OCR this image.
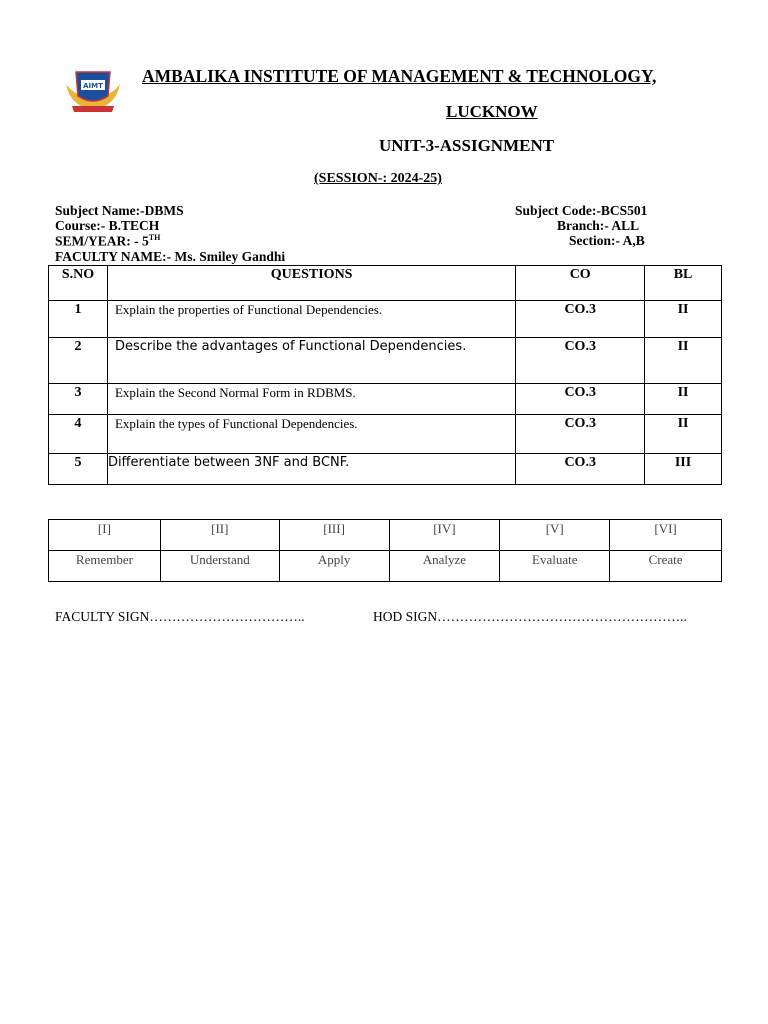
AIMT AMBALIKA INSTITUTE OF MANAGEMENT & TECHNOLOGY,
LUCKNOW
UNIT-3-ASSIGNMENT
(SESSION-: 2024-25)
Subject Name:-DBMS	Subject Code:-BCS501
Course:- B.TECH	Branch:- ALL
SEM/YEAR: - 5TH	Section:- A,B
FACULTY NAME:- Ms. Smiley Gandhi
S.NO	QUESTIONS	CO	BL
1	Explain the properties of Functional Dependencies.	CO.3	II
2	Describe the advantages of Functional Dependencies.	CO.3	II
3	Explain the Second Normal Form in RDBMS.	CO.3	II
4	Explain the types of Functional Dependencies.	CO.3	II
5	Differentiate between 3NF and BCNF.	CO.3	III
[I]	[II]	[III]	[IV]	[V]	[VI]
Remember	Understand	Apply	Analyze	Evaluate	Create
FACULTY SIGN……………………………..	HOD SIGN………………………………………………..
